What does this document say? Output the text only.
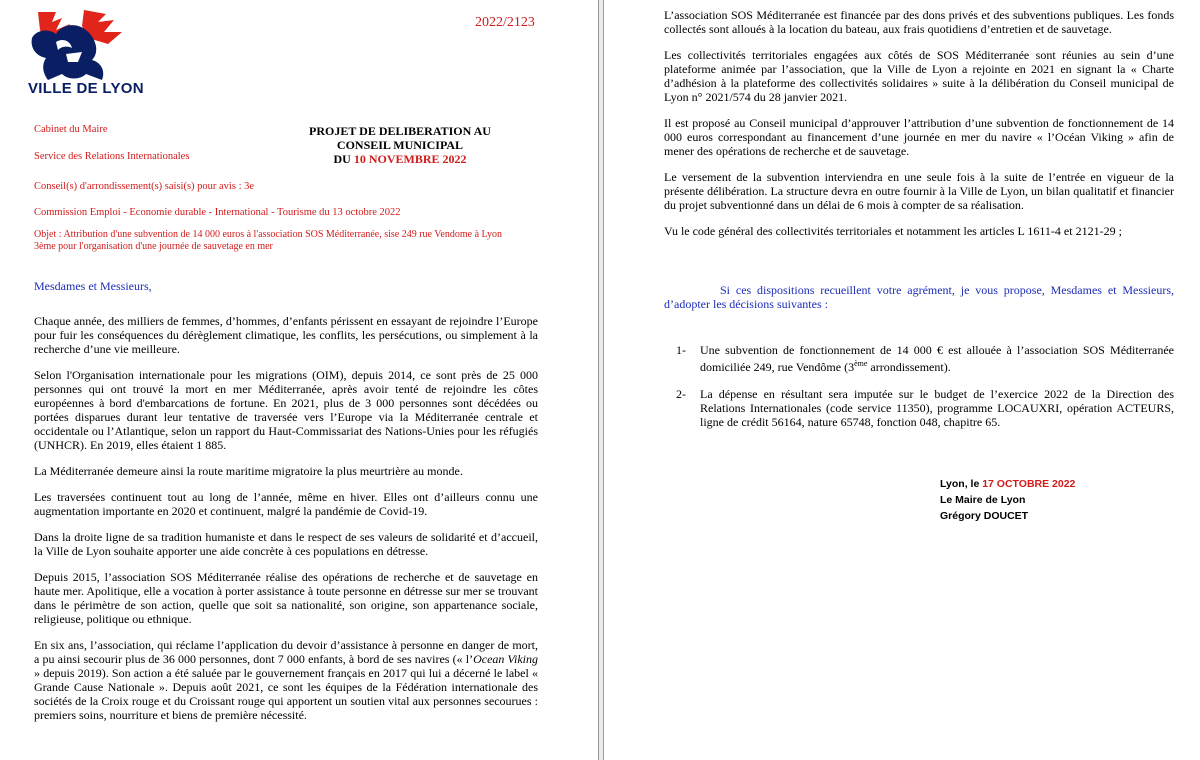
VILLE DE LYON
2022/2123
Cabinet du Maire
Service des Relations Internationales
Conseil(s) d'arrondissement(s) saisi(s) pour avis : 3e
Commission Emploi - Economie durable - International - Tourisme du 13 octobre 2022
PROJET DE DELIBERATION AU
CONSEIL MUNICIPAL
DU 10 NOVEMBRE 2022
Objet : Attribution d'une subvention de 14 000 euros à l'association SOS Méditerranée, sise 249 rue Vendome à Lyon
3ème pour l'organisation d'une journée de sauvetage en mer
Mesdames et Messieurs,

Chaque année, des milliers de femmes, d’hommes, d’enfants périssent en essayant de rejoindre l’Europe pour fuir les conséquences du dérèglement climatique, les conflits, les persécutions, ou simplement à la recherche d’une vie meilleure.

Selon l'Organisation internationale pour les migrations (OIM), depuis 2014, ce sont près de 25 000 personnes qui ont trouvé la mort en mer Méditerranée, après avoir tenté de rejoindre les côtes européennes à bord d'embarcations de fortune. En 2021, plus de 3 000 personnes sont décédées ou portées disparues durant leur tentative de traversée vers l’Europe via la Méditerranée centrale et occidentale ou l’Atlantique, selon un rapport du Haut-Commissariat des Nations-Unies pour les réfugiés (UNHCR). En 2019, elles étaient 1 885.

La Méditerranée demeure ainsi la route maritime migratoire la plus meurtrière au monde.

Les traversées continuent tout au long de l’année, même en hiver. Elles ont d’ailleurs connu une augmentation importante en 2020 et continuent, malgré la pandémie de Covid-19.

Dans la droite ligne de sa tradition humaniste et dans le respect de ses valeurs de solidarité et d’accueil, la Ville de Lyon souhaite apporter une aide concrète à ces populations en détresse.

Depuis 2015, l’association SOS Méditerranée réalise des opérations de recherche et de sauvetage en haute mer. Apolitique, elle a vocation à porter assistance à toute personne en détresse sur mer se trouvant dans le périmètre de son action, quelle que soit sa nationalité, son origine, son appartenance sociale, religieuse, politique ou ethnique.

En six ans, l’association, qui réclame l’application du devoir d’assistance à personne en danger de mort, a pu ainsi secourir plus de 36 000 personnes, dont 7 000 enfants, à bord de ses navires (« l’Ocean Viking » depuis 2019). Son action a été saluée par le gouvernement français en 2017 qui lui a décerné le label « Grande Cause Nationale ». Depuis août 2021, ce sont les équipes de la Fédération internationale des sociétés de la Croix rouge et du Croissant rouge qui apportent un soutien vital aux personnes secourues : premiers soins, nourriture et biens de première nécessité.

L’association SOS Méditerranée est financée par des dons privés et des subventions publiques. Les fonds collectés sont alloués à la location du bateau, aux frais quotidiens d’entretien et de sauvetage.

Les collectivités territoriales engagées aux côtés de SOS Méditerranée sont réunies au sein d’une plateforme animée par l’association, que la Ville de Lyon a rejointe en 2021 en signant la « Charte d’adhésion à la plateforme des collectivités solidaires » suite à la délibération du Conseil municipal de Lyon n° 2021/574 du 28 janvier 2021.

Il est proposé au Conseil municipal d’approuver l’attribution d’une subvention de fonctionnement de 14 000 euros correspondant au financement d’une journée en mer du navire « l’Océan Viking » afin de mener des opérations de recherche et de sauvetage.

Le versement de la subvention interviendra en une seule fois à la suite de l’entrée en vigueur de la présente délibération. La structure devra en outre fournir à la Ville de Lyon, un bilan qualitatif et financier du projet subventionné dans un délai de 6 mois à compter de sa réalisation.

Vu le code général des collectivités territoriales et notamment les articles L 1611-4 et 2121-29 ;

Si ces dispositions recueillent votre agrément, je vous propose, Mesdames et Messieurs, d’adopter les décisions suivantes :
1-	Une subvention de fonctionnement de 14 000 € est allouée à l’association SOS Méditerranée domiciliée 249, rue Vendôme (3ème arrondissement).
2-	La dépense en résultant sera imputée sur le budget de l’exercice 2022 de la Direction des Relations Internationales (code service 11350), programme LOCAUXRI, opération ACTEURS, ligne de crédit 56164, nature 65748, fonction 048, chapitre 65.
Lyon, le 17 OCTOBRE 2022
Le Maire de Lyon
Grégory DOUCET
